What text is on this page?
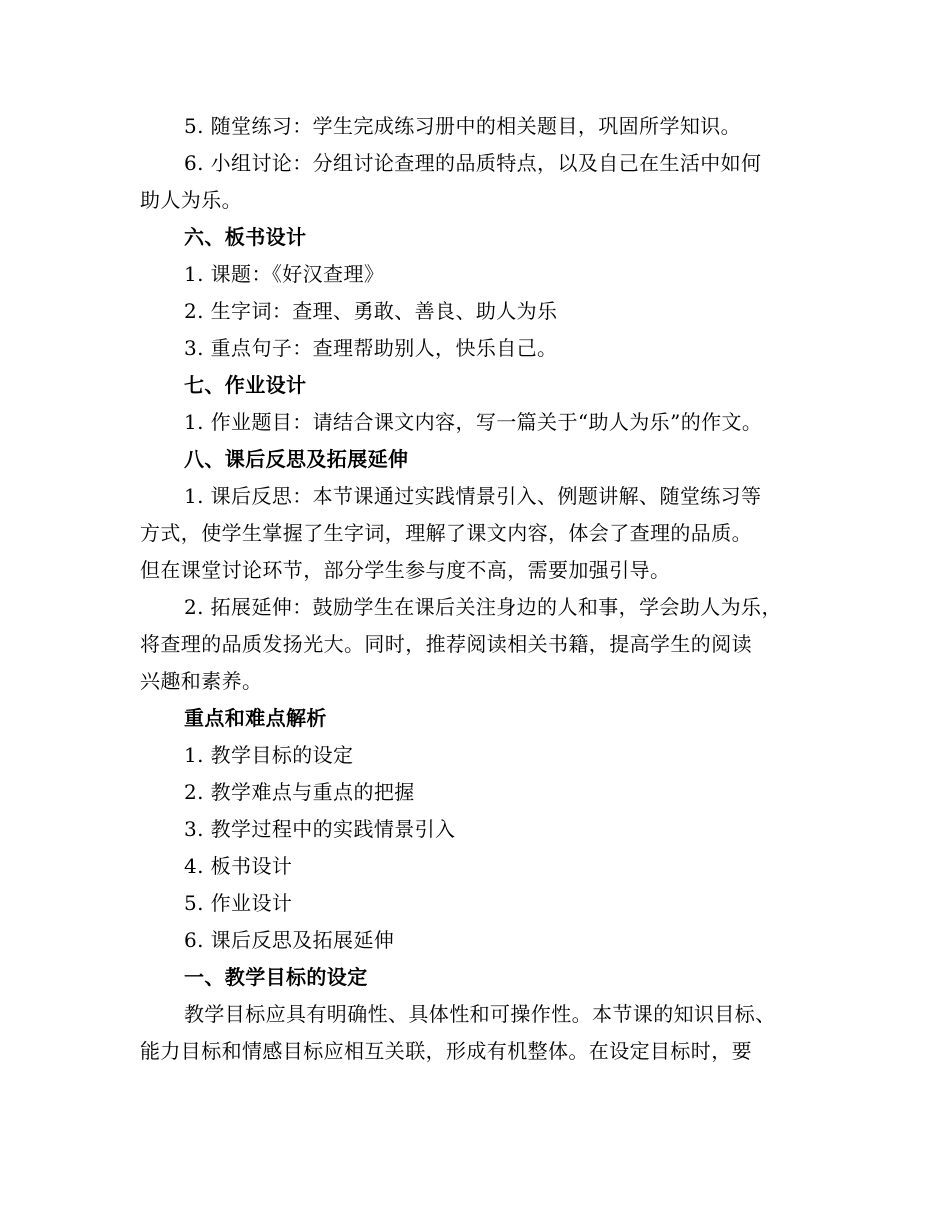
5. 随堂练习：学生完成练习册中的相关题目，巩固所学知识。
6. 小组讨论：分组讨论查理的品质特点，以及自己在生活中如何
助人为乐。
六、板书设计
1. 课题：《好汉查理》
2. 生字词：查理、勇敢、善良、助人为乐
3. 重点句子：查理帮助别人，快乐自己。
七、作业设计
1. 作业题目：请结合课文内容，写一篇关于“助人为乐”的作文。
八、课后反思及拓展延伸
1. 课后反思：本节课通过实践情景引入、例题讲解、随堂练习等
方式，使学生掌握了生字词，理解了课文内容，体会了查理的品质。
但在课堂讨论环节，部分学生参与度不高，需要加强引导。
2. 拓展延伸：鼓励学生在课后关注身边的人和事，学会助人为乐，
将查理的品质发扬光大。同时，推荐阅读相关书籍，提高学生的阅读
兴趣和素养。
重点和难点解析
1. 教学目标的设定
2. 教学难点与重点的把握
3. 教学过程中的实践情景引入
4. 板书设计
5. 作业设计
6. 课后反思及拓展延伸
一、教学目标的设定
教学目标应具有明确性、具体性和可操作性。本节课的知识目标、
能力目标和情感目标应相互关联，形成有机整体。在设定目标时，要
